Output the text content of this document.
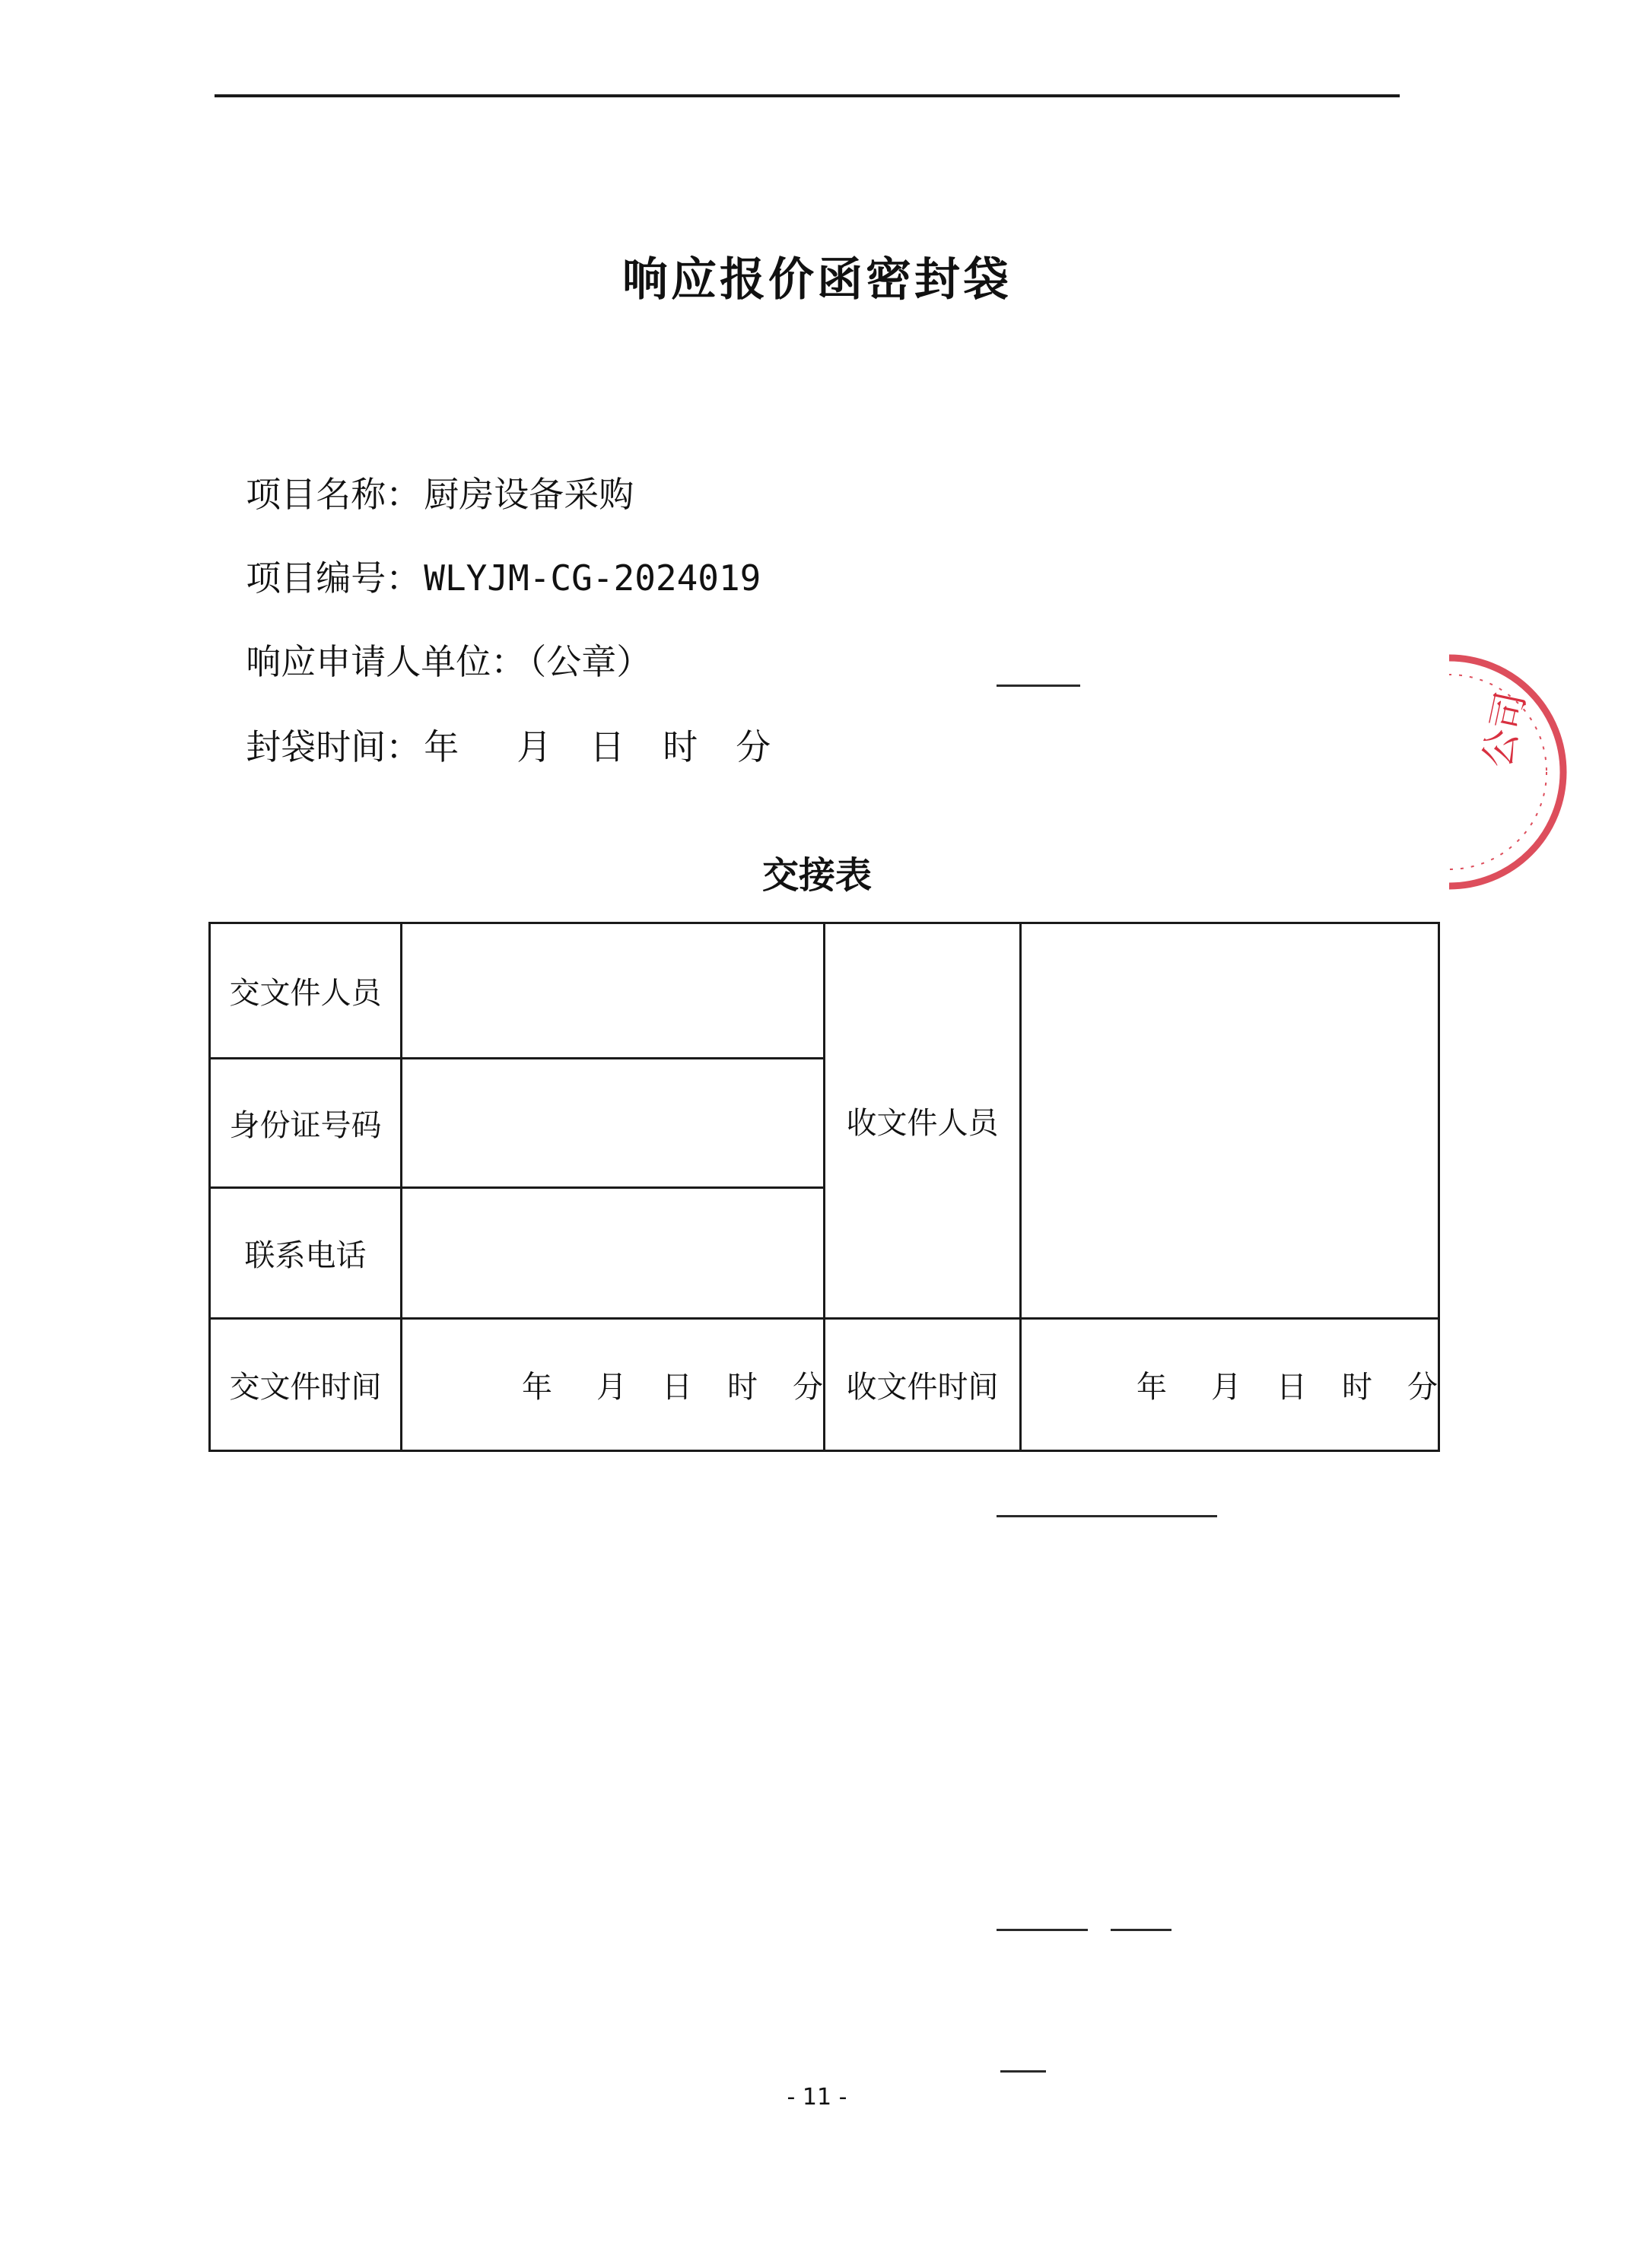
响应报价函密封袋

项目名称：厨房设备采购

项目编号：WLYJM-CG-2024019

响应申请人单位：（公章）

封袋时间：年 月 日 时 分

交接表
交文件人员		收文件人员	
身份证号码			
联系电话			
交文件时间	年 月 日 时 分	收文件时间	年 月 日 时 分
公司
- 11 -
